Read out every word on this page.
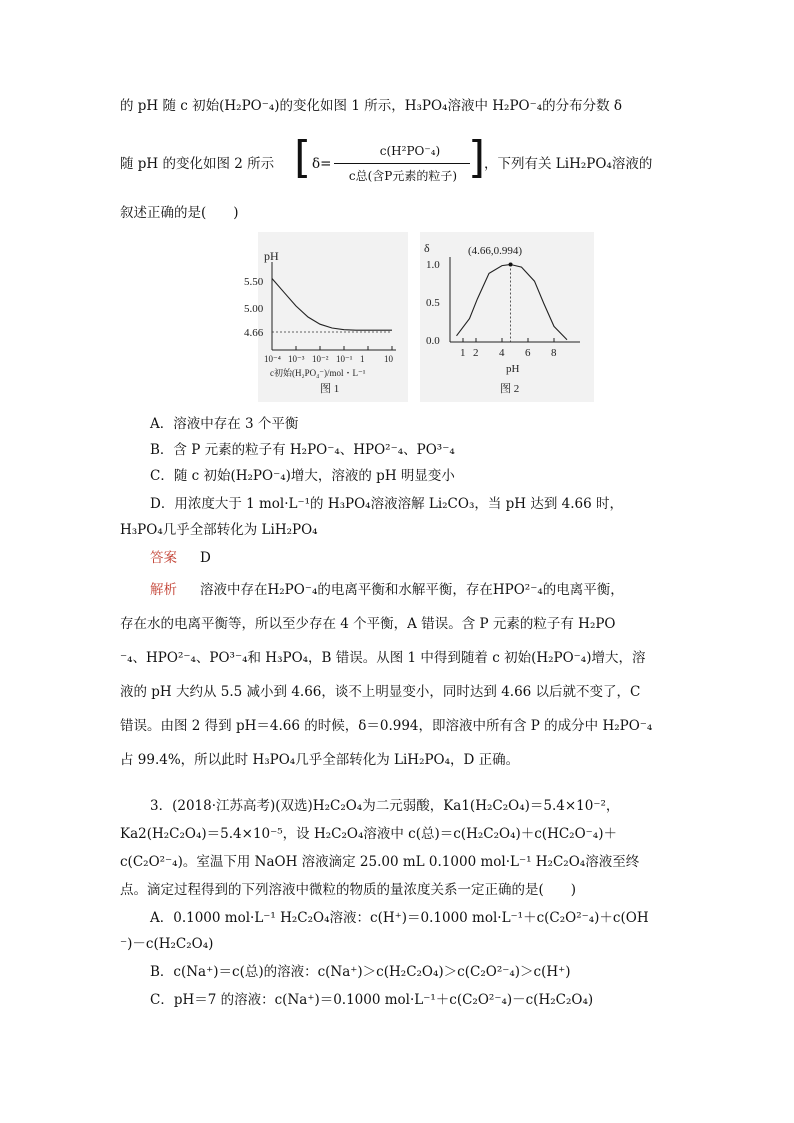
的 pH 随 c 初始(H₂PO⁻₄)的变化如图 1 所示，H₃PO₄溶液中 H₂PO⁻₄的分布分数 δ
随 pH 的变化如图 2 所示 [ δ=
c(H²PO⁻₄)
c总(含P元素的粒子) ]
，下列有关 LiH₂PO₄溶液的
叙述正确的是(　　)
pH
5.50
5.00
4.66
10⁻⁴ 10⁻³ 10⁻² 10⁻¹ 1 10
c初始(H₂PO₄⁻)/mol・L⁻¹
图 1
δ	(4.66,0.994)
1.0
0.5
0.0
1 2 4 6 8
pH
图 2
A．溶液中存在 3 个平衡
B．含 P 元素的粒子有 H₂PO⁻₄、HPO²⁻₄、PO³⁻₄
C．随 c 初始(H₂PO⁻₄)增大，溶液的 pH 明显变小
D．用浓度大于 1 mol·L⁻¹的 H₃PO₄溶液溶解 Li₂CO₃，当 pH 达到 4.66 时，
H₃PO₄几乎全部转化为 LiH₂PO₄
答案 D
解析 溶液中存在H₂PO⁻₄的电离平衡和水解平衡，存在HPO²⁻₄的电离平衡，
存在水的电离平衡等，所以至少存在 4 个平衡，A 错误。含 P 元素的粒子有 H₂PO
⁻₄、HPO²⁻₄、PO³⁻₄和 H₃PO₄，B 错误。从图 1 中得到随着 c 初始(H₂PO⁻₄)增大，溶
液的 pH 大约从 5.5 减小到 4.66，谈不上明显变小，同时达到 4.66 以后就不变了，C
错误。由图 2 得到 pH＝4.66 的时候，δ＝0.994，即溶液中所有含 P 的成分中 H₂PO⁻₄
占 99.4%，所以此时 H₃PO₄几乎全部转化为 LiH₂PO₄，D 正确。
3．(2018·江苏高考)(双选)H₂C₂O₄为二元弱酸，Ka1(H₂C₂O₄)＝5.4×10⁻²，
Ka2(H₂C₂O₄)＝5.4×10⁻⁵，设 H₂C₂O₄溶液中 c(总)＝c(H₂C₂O₄)＋c(HC₂O⁻₄)＋
c(C₂O²⁻₄)。室温下用 NaOH 溶液滴定 25.00 mL 0.1000 mol·L⁻¹ H₂C₂O₄溶液至终
点。滴定过程得到的下列溶液中微粒的物质的量浓度关系一定正确的是(　　)
A．0.1000 mol·L⁻¹ H₂C₂O₄溶液：c(H⁺)＝0.1000 mol·L⁻¹＋c(C₂O²⁻₄)＋c(OH
⁻)－c(H₂C₂O₄)
B．c(Na⁺)＝c(总)的溶液：c(Na⁺)＞c(H₂C₂O₄)＞c(C₂O²⁻₄)＞c(H⁺)
C．pH＝7 的溶液：c(Na⁺)＝0.1000 mol·L⁻¹＋c(C₂O²⁻₄)－c(H₂C₂O₄)
